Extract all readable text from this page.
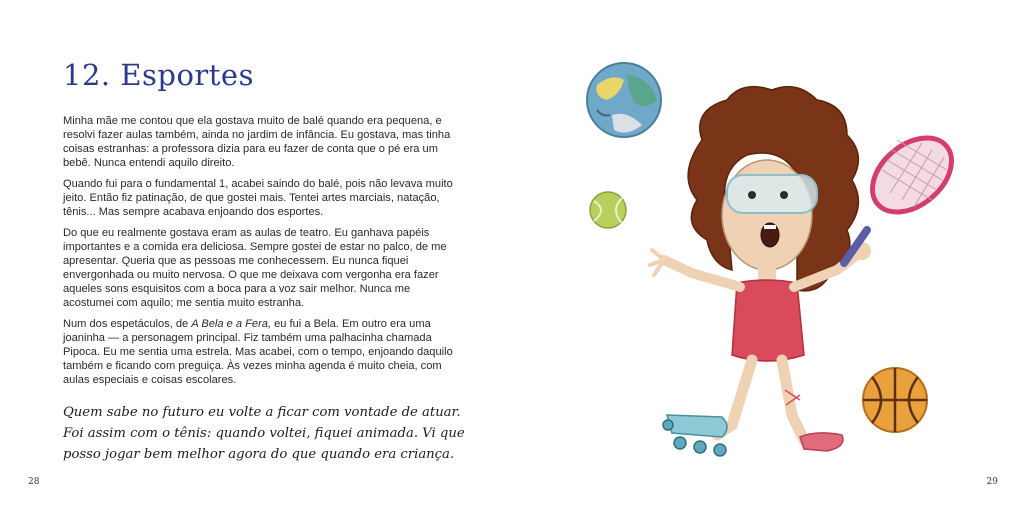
12. Esportes

Minha mãe me contou que ela gostava muito de balé quando era pequena, e resolvi fazer aulas também, ainda no jardim de infância. Eu gostava, mas tinha coisas estranhas: a professora dizia para eu fazer de conta que o pé era um bebê. Nunca entendi aquilo direito.

Quando fui para o fundamental 1, acabei saindo do balé, pois não levava muito jeito. Então fiz patinação, de que gostei mais. Tentei artes marciais, natação, tênis... Mas sempre acabava enjoando dos esportes.

Do que eu realmente gostava eram as aulas de teatro. Eu ganhava papéis importantes e a comida era deliciosa. Sempre gostei de estar no palco, de me apresentar. Queria que as pessoas me conhecessem. Eu nunca fiquei envergonhada ou muito nervosa. O que me deixava com vergonha era fazer aqueles sons esquisitos com a boca para a voz sair melhor. Nunca me acostumei com aquilo; me sentia muito estranha.

Num dos espetáculos, de A Bela e a Fera, eu fui a Bela. Em outro era uma joaninha — a personagem principal. Fiz também uma palhacinha chamada Pipoca. Eu me sentia uma estrela. Mas acabei, com o tempo, enjoando daquilo também e ficando com preguiça. Às vezes minha agenda é muito cheia, com aulas especiais e coisas escolares.

Quem sabe no futuro eu volte a ficar com vontade de atuar.
Foi assim com o tênis: quando voltei, fiquei animada. Vi que
posso jogar bem melhor agora do que quando era criança.
28	29
